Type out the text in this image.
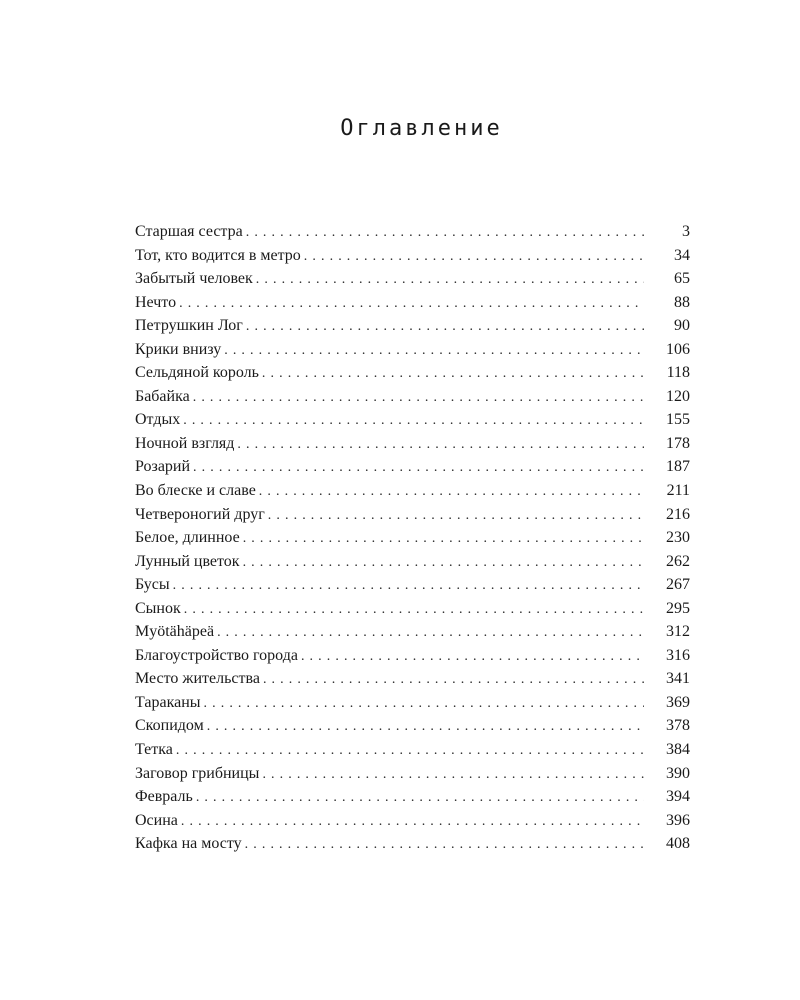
Оглавление
Старшая сестра . . .	3
Тот, кто водится в метро . . .	34
Забытый человек . . .	65
Нечто . . .	88
Петрушкин Лог . . .	90
Крики внизу . . .	106
Сельдяной король . . .	118
Бабайка . . .	120
Отдых . . .	155
Ночной взгляд . . .	178
Розарий . . .	187
Во блеске и славе . . .	211
Четвероногий друг . . .	216
Белое, длинное . . .	230
Лунный цветок . . .	262
Бусы . . .	267
Сынок . . .	295
Myötähäpeä . . .	312
Благоустройство города . . .	316
Место жительства . . .	341
Тараканы . . .	369
Скопидом . . .	378
Тетка . . .	384
Заговор грибницы . . .	390
Февраль . . .	394
Осина . . .	396
Кафка на мосту . . .	408
